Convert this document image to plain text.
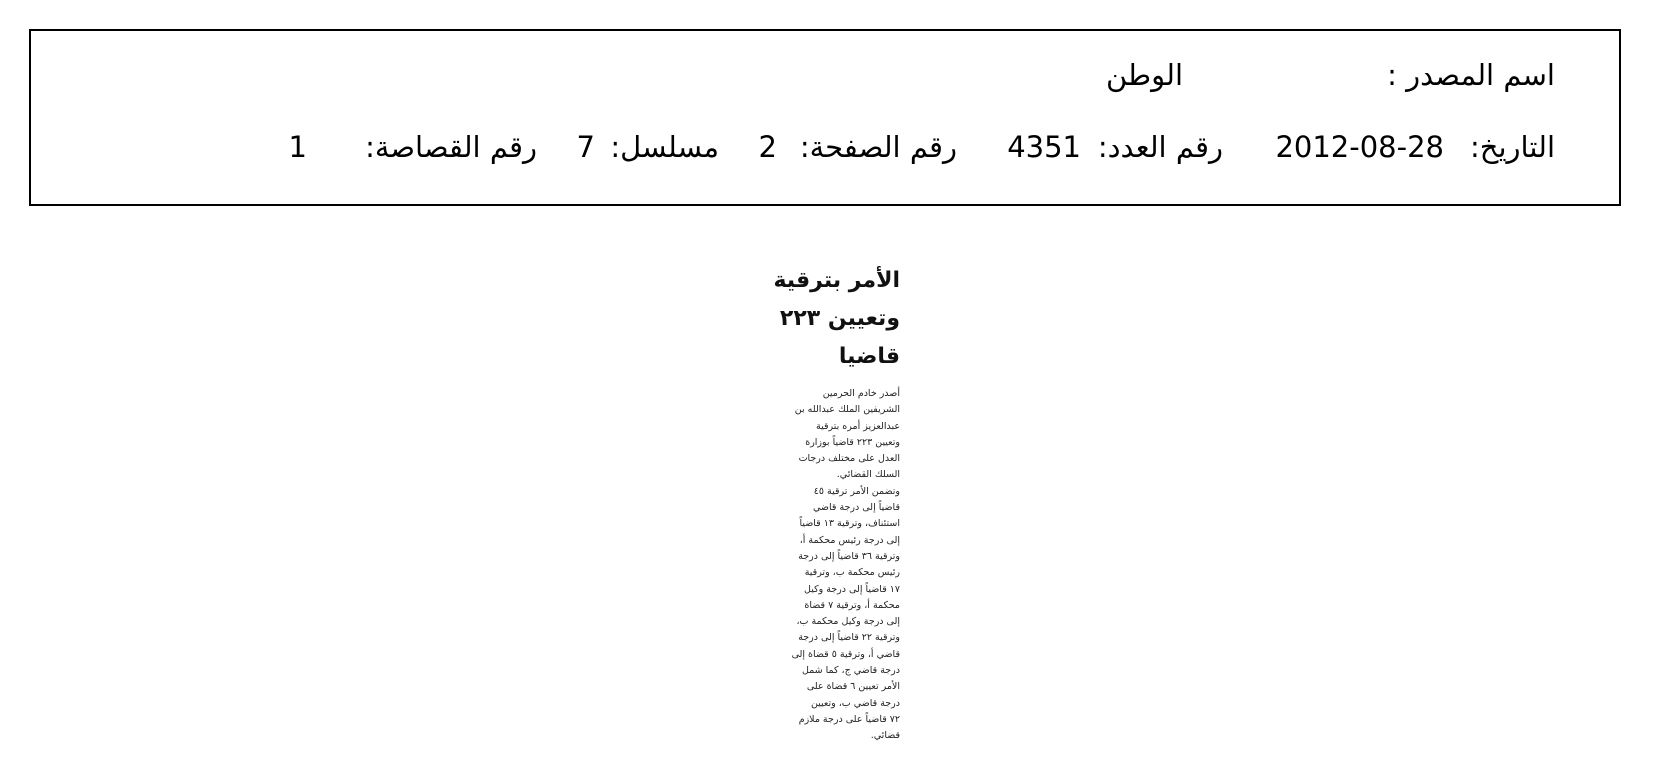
اسم المصدر :
الوطن
التاريخ:
2012-08-28
رقم العدد:
4351
رقم الصفحة:
2
مسلسل:
7
رقم القصاصة:
1
الأمر بترقية
وتعيين ٢٢٣
قاضيا
أصدر خادم الحرمين
الشريفين الملك عبدالله بن
عبدالعزيز أمره بترقية
وتعيين ٢٢٣ قاضياً بوزارة
العدل على مختلف درجات
السلك القضائي.
وتضمن الأمر ترقية ٤٥
قاضياً إلى درجة قاضي
استئناف، وترقية ١٣ قاضياً
إلى درجة رئيس محكمة أ،
وترقية ٣٦ قاضياً إلى درجة
رئيس محكمة ب، وترقية
١٧ قاضياً إلى درجة وكيل
محكمة أ، وترقية ٧ قضاة
إلى درجة وكيل محكمة ب،
وترقية ٢٢ قاضياً إلى درجة
قاضي أ، وترقية ٥ قضاة إلى
درجة قاضي ج، كما شمل
الأمر تعيين ٦ قضاة على
درجة قاضي ب، وتعيين
٧٢ قاضياً على درجة ملازم
قضائي.
